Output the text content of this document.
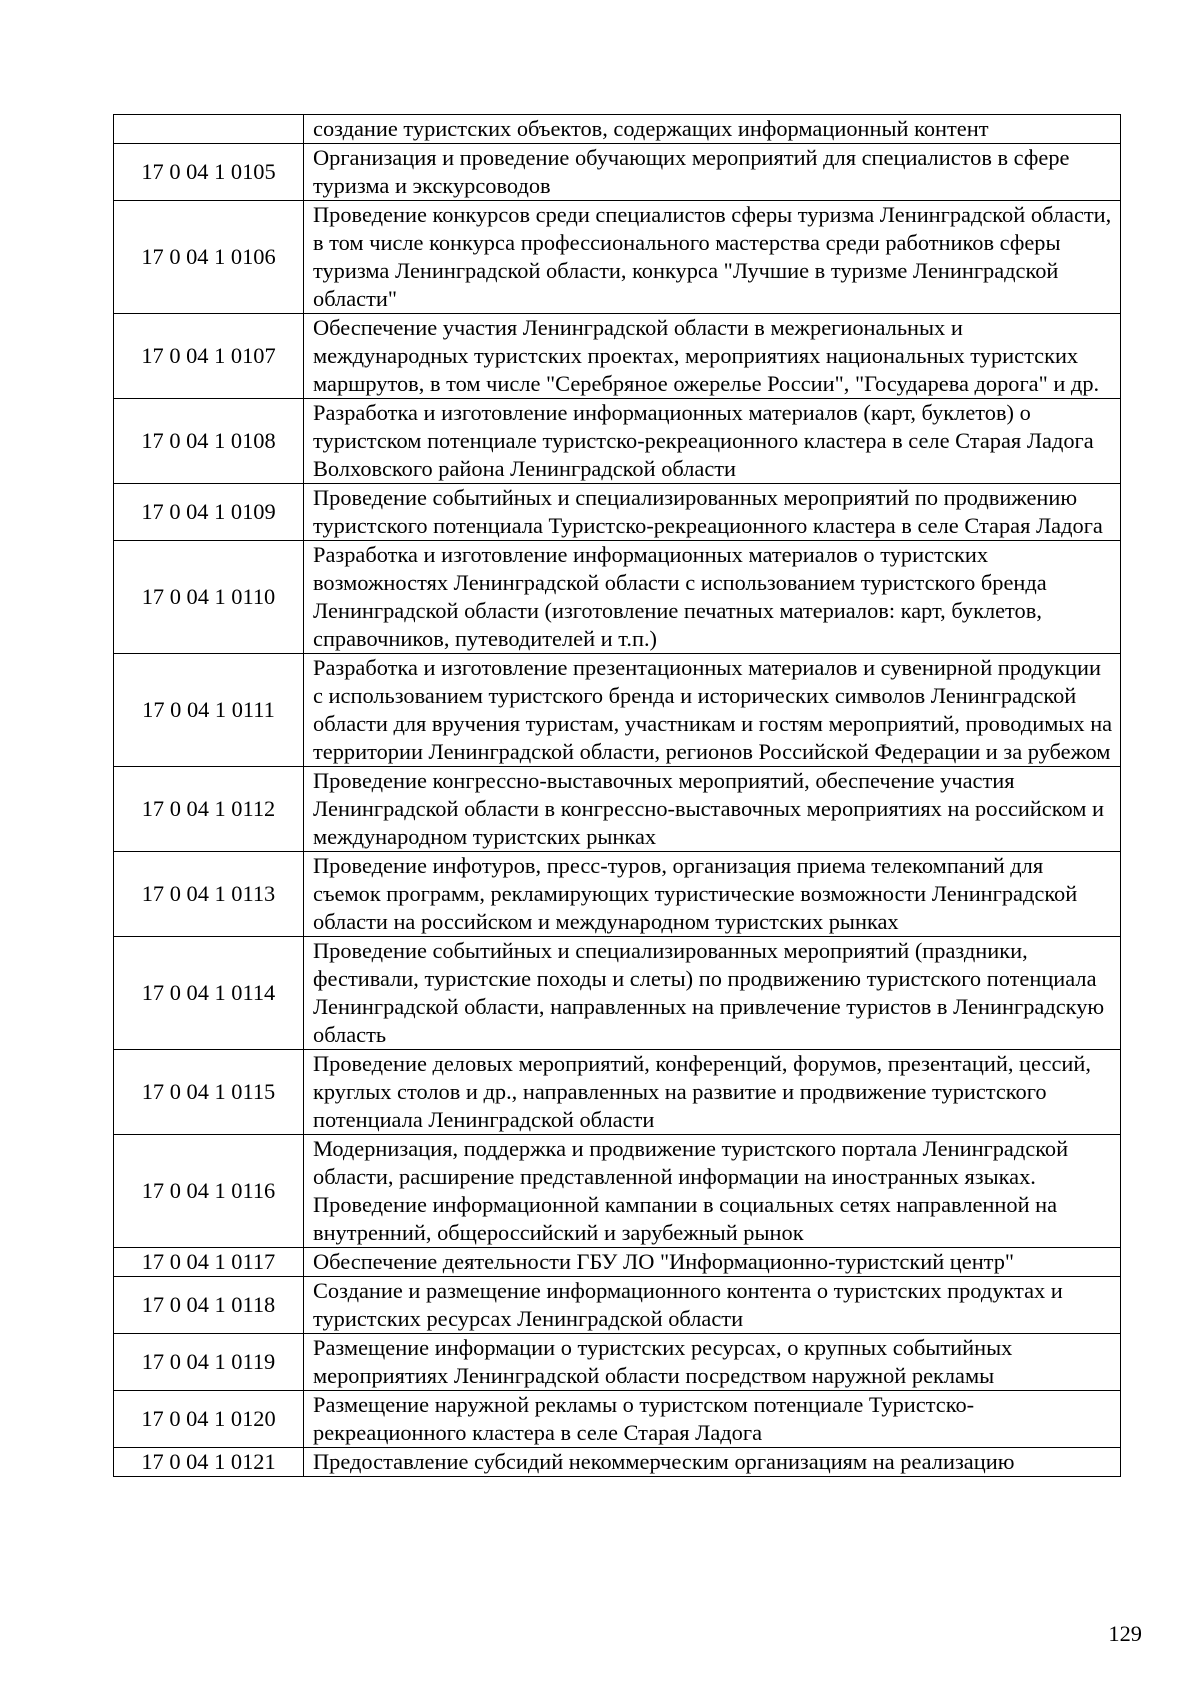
	создание туристских объектов, содержащих информационный контент
17 0 04 1 0105	Организация и проведение обучающих мероприятий для специалистов в сфере туризма и экскурсоводов
17 0 04 1 0106	Проведение конкурсов среди специалистов сферы туризма Ленинградской области, в том числе конкурса профессионального мастерства среди работников сферы туризма Ленинградской области, конкурса "Лучшие в туризме Ленинградской области"
17 0 04 1 0107	Обеспечение участия Ленинградской области в межрегиональных и международных туристских проектах, мероприятиях национальных туристских маршрутов, в том числе "Серебряное ожерелье России", "Государева дорога" и др.
17 0 04 1 0108	Разработка и изготовление информационных материалов (карт, буклетов) о туристском потенциале туристско-рекреационного кластера в селе Старая Ладога Волховского района Ленинградской области
17 0 04 1 0109	Проведение событийных и специализированных мероприятий по продвижению туристского потенциала Туристско-рекреационного кластера в селе Старая Ладога
17 0 04 1 0110	Разработка и изготовление информационных материалов о туристских возможностях Ленинградской области с использованием туристского бренда Ленинградской области (изготовление печатных материалов: карт, буклетов, справочников, путеводителей и т.п.)
17 0 04 1 0111	Разработка и изготовление презентационных материалов и сувенирной продукции с использованием туристского бренда и исторических символов Ленинградской области для вручения туристам, участникам и гостям мероприятий, проводимых на территории Ленинградской области, регионов Российской Федерации и за рубежом
17 0 04 1 0112	Проведение конгрессно-выставочных мероприятий, обеспечение участия Ленинградской области в конгрессно-выставочных мероприятиях на российском и международном туристских рынках
17 0 04 1 0113	Проведение инфотуров, пресс-туров, организация приема телекомпаний для съемок программ, рекламирующих туристические возможности Ленинградской области на российском и международном туристских рынках
17 0 04 1 0114	Проведение событийных и специализированных мероприятий (праздники, фестивали, туристские походы и слеты) по продвижению туристского потенциала Ленинградской области, направленных на привлечение туристов в Ленинградскую область
17 0 04 1 0115	Проведение деловых мероприятий, конференций, форумов, презентаций, цессий, круглых столов и др., направленных на развитие и продвижение туристского потенциала Ленинградской области
17 0 04 1 0116	Модернизация, поддержка и продвижение туристского портала Ленинградской области, расширение представленной информации на иностранных языках. Проведение информационной кампании в социальных сетях направленной на внутренний, общероссийский и зарубежный рынок
17 0 04 1 0117	Обеспечение деятельности ГБУ ЛО "Информационно-туристский центр"
17 0 04 1 0118	Создание и размещение информационного контента о туристских продуктах и туристских ресурсах Ленинградской области
17 0 04 1 0119	Размещение информации о туристских ресурсах, о крупных событийных мероприятиях Ленинградской области посредством наружной рекламы
17 0 04 1 0120	Размещение наружной рекламы о туристском потенциале Туристско-рекреационного кластера в селе Старая Ладога
17 0 04 1 0121	Предоставление субсидий некоммерческим организациям на реализацию
129
